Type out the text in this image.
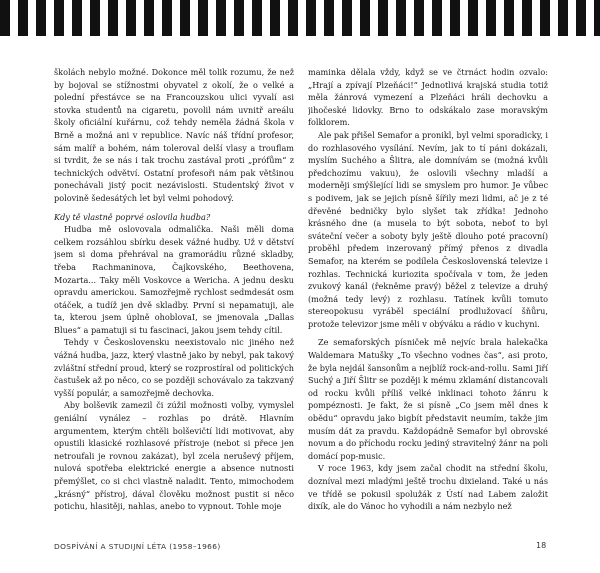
školách nebylo možné. Dokonce měl tolik rozumu, že než by bojoval se stížnostmi obyvatel z okolí, že o velké a polední přestávce se na Francouzskou ulici vyvalí asi stovka studentů na cigaretu, povolil nám uvnitř areálu školy oficiální kuřárnu, což tehdy neměla žádná škola v Brně a možná ani v republice. Navíc náš třídní profesor, sám malíř a bohém, nám toleroval delší vlasy a trouflam si tvrdit, že se nás i tak trochu zastával proti „prófům“ z technických odvětví. Ostatní profesoři nám pak většinou ponechávali jistý pocit nezávislosti. Studentský život v polovině šedesátých let byl velmi pohodový.

Kdy tě vlastně poprvé oslovila hudba?

Hudba mě oslovovala odmalička. Naši měli doma celkem rozsáhlou sbírku desek vážné hudby. Už v dětství jsem si doma přehrával na gramorádiu různé skladby, třeba Rachmaninova, Čajkovského, Beethovena, Mozarta... Taky měli Voskovce a Wericha. A jednu desku opravdu americkou. Samozřejmě rychlost sedmdesát osm otáček, a tudíž jen dvě skladby. První si nepamatuji, ale ta, kterou jsem úplně ohoblovaI, se jmenovala „Dallas Blues“ a pamatuji si tu fascinaci, jakou jsem tehdy cítil.

Tehdy v Československu neexistovalo nic jiného než vážná hudba, jazz, který vlastně jako by nebyl, pak takový zvláštní střední proud, který se rozprostíral od politických častušek až po něco, co se později schovávalo za takzvaný vyšší populár, a samozřejmě dechovka.

Aby bolševik zamezil či zúžil možnosti volby, vymyslel geniální vynález – rozhlas po drátě. Hlavním argumentem, kterým chtěli bolševičtí lidi motivovat, aby opustili klasické rozhlasové přístroje (nebot si přece jen netroufali je rovnou zakázat), byl zcela neruševý příjem, nulová spotřeba elektrické energie a absence nutnosti přemýšlet, co si chci vlastně naladit. Tento, mimochodem „krásný“ přístroj, dával člověku možnost pustit si něco potichu, hlasitěji, nahlas, anebo to vypnout. Tohle moje

maminka dělala vždy, když se ve čtrnáct hodin ozvalo: „Hrají a zpívají Plzeňáci!“ Jednotlivá krajská studia totiž měla žánrová vymezení a Plzeňáci hráli dechovku a jihočeské lidovky. Brno to odskákalo zase moravským folklorem.

Ale pak přišel Semafor a pronikl, byl velmi sporadicky, i do rozhlasového vysílání. Nevím, jak to tí páni dokázali, myslím Suchého a Šlitra, ale domnívám se (možná kvůli předchozímu vakuu), že oslovili všechny mladší a moderněji smýšlející lidi se smyslem pro humor. Je vůbec s podivem, jak se jejich písně šířily mezi lidmi, ač je z té dřevěné bedničky bylo slyšet tak zřídka! Jednoho krásného dne (a musela to být sobota, neboť to byl sváteční večer a soboty byly ještě dlouho poté pracovní) proběhl předem inzerovaný přímý přenos z divadla Semafor, na kterém se podílela Československá televize i rozhlas. Technická kuriozita spočívala v tom, že jeden zvukový kanál (řekněme pravý) běžel z televize a druhý (možná tedy levý) z rozhlasu. Tatínek kvůli tomuto stereopokusu vyráběl speciální prodlužovací šňůru, protože televizor jsme měli v obýváku a rádio v kuchyni.

Ze semaforských písniček mě nejvíc brala halekačka Waldemara Matušky „To všechno vodnes čas“, asi proto, že byla nejdál šansonům a nejblíž rock-and-rollu. Sami Jiří Suchý a Jiří Šlitr se později k mému zklamání distancovali od rocku kvůli příliš velké inklinaci tohoto žánru k pompéznosti. Je fakt, že si písně „Co jsem měl dnes k obědu“ opravdu jako bigbít představit neumím, takže jim musím dát za pravdu. Každopádně Semafor byl obrovské novum a do příchodu rocku jediný stravitelný žánr na poli domácí pop-music.

V roce 1963, kdy jsem začal chodit na střední školu, dozníval mezi mladými ještě trochu dixieland. Také u nás ve třídě se pokusil spolužák z Ústí nad Labem založit dixík, ale do Vánoc ho vyhodili a nám nezbylo než

DOSPÍVÁNÍ A STUDIJNÍ LÉTA (1958–1966)	18
